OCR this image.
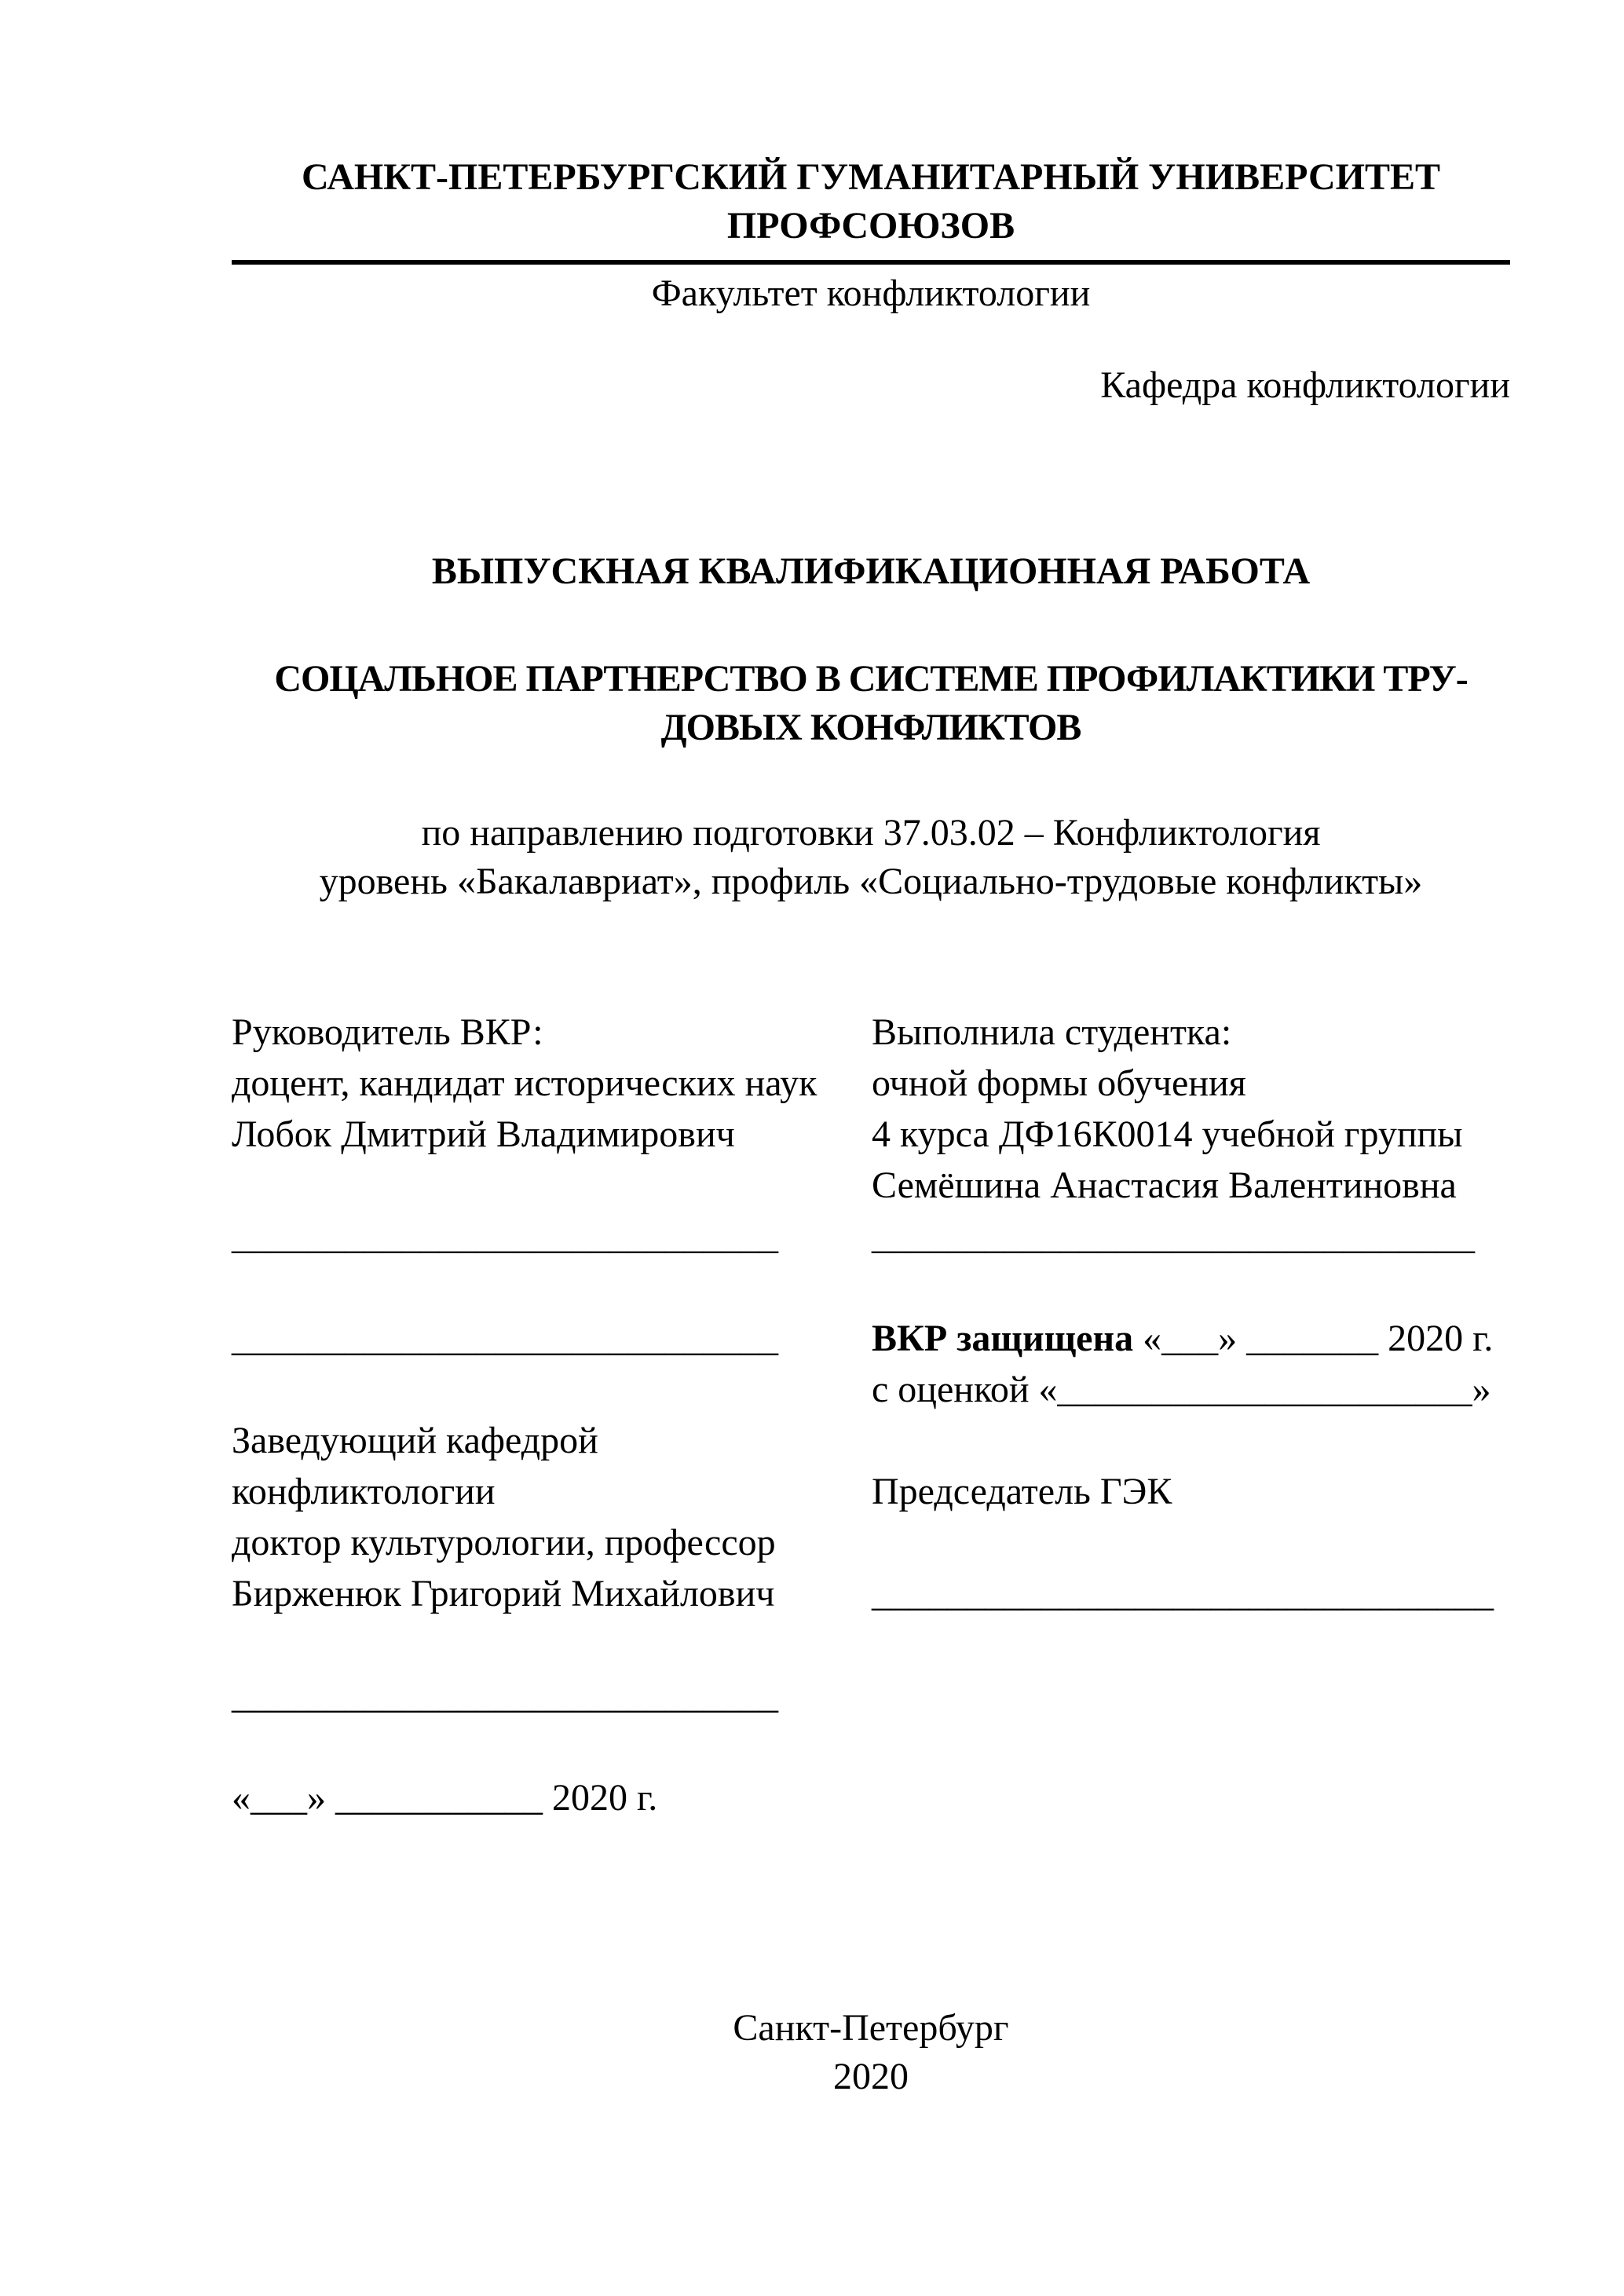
САНКТ-ПЕТЕРБУРГСКИЙ ГУМАНИТАРНЫЙ УНИВЕРСИТЕТ
ПРОФСОЮЗОВ
Факультет конфликтологии
Кафедра конфликтологии
ВЫПУСКНАЯ КВАЛИФИКАЦИОННАЯ РАБОТА
СОЦАЛЬНОЕ ПАРТНЕРСТВО В СИСТЕМЕ ПРОФИЛАКТИКИ ТРУ-
ДОВЫХ КОНФЛИКТОВ
по направлению подготовки 37.03.02 – Конфликтология
уровень «Бакалавриат», профиль «Социально-трудовые конфликты»
Руководитель ВКР:	Выполнила студентка:
доцент, кандидат исторических наук	очной формы обучения
Лобок Дмитрий Владимирович	4 курса ДФ16К0014 учебной группы
Семёшина Анастасия Валентиновна
_____________________________	________________________________
_____________________________	ВКР защищена «___» _______ 2020 г.
с оценкой «______________________»
Заведующий кафедрой
конфликтологии	Председатель ГЭК
доктор культурологии, профессор
Бирженюк Григорий Михайлович	_________________________________
_____________________________
«___» ___________ 2020 г.
Санкт-Петербург
2020
